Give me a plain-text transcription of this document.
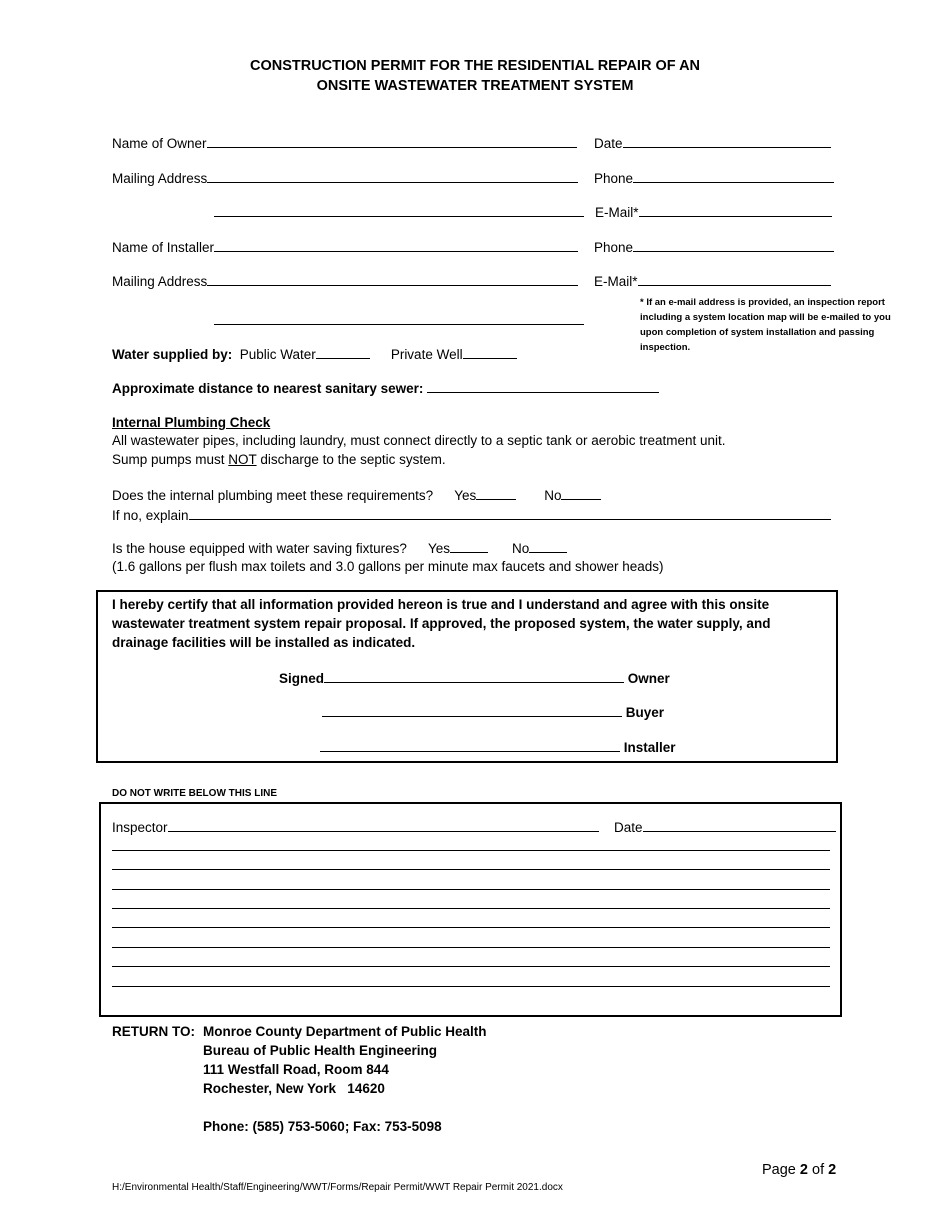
CONSTRUCTION PERMIT FOR THE RESIDENTIAL REPAIR OF AN
ONSITE WASTEWATER TREATMENT SYSTEM
Name of Owner	Date
Mailing Address	Phone
E-Mail*
Name of Installer	Phone
Mailing Address	E-Mail*
* If an e-mail address is provided, an inspection report including a system location map will be e-mailed to you upon completion of system installation and passing inspection.
Water supplied by: Public Water	Private Well
Approximate distance to nearest sanitary sewer:
Internal Plumbing Check
All wastewater pipes, including laundry, must connect directly to a septic tank or aerobic treatment unit.
Sump pumps must NOT discharge to the septic system.
Does the internal plumbing meet these requirements? Yes	No
If no, explain
Is the house equipped with water saving fixtures? Yes	No
(1.6 gallons per flush max toilets and 3.0 gallons per minute max faucets and shower heads)
I hereby certify that all information provided hereon is true and I understand and agree with this onsite
wastewater treatment system repair proposal. If approved, the proposed system, the water supply, and
drainage facilities will be installed as indicated.
Signed	Owner
Buyer
Installer
DO NOT WRITE BELOW THIS LINE
Inspector	Date
RETURN TO: Monroe County Department of Public Health
Bureau of Public Health Engineering
111 Westfall Road, Room 844
Rochester, New York   14620
Phone: (585) 753-5060; Fax: 753-5098
Page 2 of 2
H:/Environmental Health/Staff/Engineering/WWT/Forms/Repair Permit/WWT Repair Permit 2021.docx
